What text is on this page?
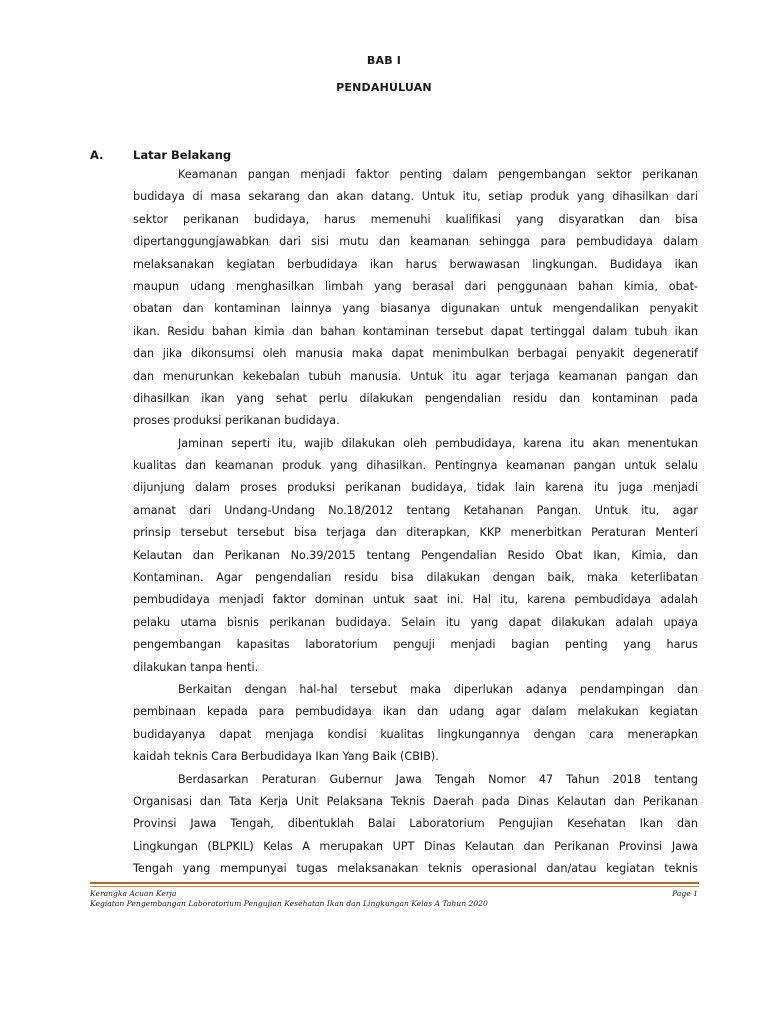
BAB I
PENDAHULUAN
A.	Latar Belakang
Keamanan pangan menjadi faktor penting dalam pengembangan sektor perikanan
budidaya di masa sekarang dan akan datang. Untuk itu, setiap produk yang dihasilkan dari
sektor perikanan budidaya, harus memenuhi kualifikasi yang disyaratkan dan bisa
dipertanggungjawabkan dari sisi mutu dan keamanan sehingga para pembudidaya dalam
melaksanakan kegiatan berbudidaya ikan harus berwawasan lingkungan. Budidaya ikan
maupun udang menghasilkan limbah yang berasal dari penggunaan bahan kimia, obat-
obatan dan kontaminan lainnya yang biasanya digunakan untuk mengendalikan penyakit
ikan. Residu bahan kimia dan bahan kontaminan tersebut dapat tertinggal dalam tubuh ikan
dan jika dikonsumsi oleh manusia maka dapat menimbulkan berbagai penyakit degeneratif
dan menurunkan kekebalan tubuh manusia. Untuk itu agar terjaga keamanan pangan dan
dihasilkan ikan yang sehat perlu dilakukan pengendalian residu dan kontaminan pada
proses produksi perikanan budidaya.
Jaminan seperti itu, wajib dilakukan oleh pembudidaya, karena itu akan menentukan
kualitas dan keamanan produk yang dihasilkan. Pentingnya keamanan pangan untuk selalu
dijunjung dalam proses produksi perikanan budidaya, tidak lain karena itu juga menjadi
amanat dari Undang-Undang No.18/2012 tentang Ketahanan Pangan. Untuk itu, agar
prinsip tersebut tersebut bisa terjaga dan diterapkan, KKP menerbitkan Peraturan Menteri
Kelautan dan Perikanan No.39/2015 tentang Pengendalian Resido Obat Ikan, Kimia, dan
Kontaminan. Agar pengendalian residu bisa dilakukan dengan baik, maka keterlibatan
pembudidaya menjadi faktor dominan untuk saat ini. Hal itu, karena pembudidaya adalah
pelaku utama bisnis perikanan budidaya. Selain itu yang dapat dilakukan adalah upaya
pengembangan kapasitas laboratorium penguji menjadi bagian penting yang harus
dilakukan tanpa henti.
Berkaitan dengan hal-hal tersebut maka diperlukan adanya pendampingan dan
pembinaan kepada para pembudidaya ikan dan udang agar dalam melakukan kegiatan
budidayanya dapat menjaga kondisi kualitas lingkungannya dengan cara menerapkan
kaidah teknis Cara Berbudidaya Ikan Yang Baik (CBIB).
Berdasarkan Peraturan Gubernur Jawa Tengah Nomor 47 Tahun 2018 tentang
Organisasi dan Tata Kerja Unit Pelaksana Teknis Daerah pada Dinas Kelautan dan Perikanan
Provinsi Jawa Tengah, dibentuklah Balai Laboratorium Pengujian Kesehatan Ikan dan
Lingkungan (BLPKIL) Kelas A merupakan UPT Dinas Kelautan dan Perikanan Provinsi Jawa
Tengah yang mempunyai tugas melaksanakan teknis operasional dan/atau kegiatan teknis
Kerangka Acuan Kerja
Kegiatan Pengembangan Laboratorium Pengujian Kesehatan Ikan dan Lingkungan Kelas A Tahun 2020
Page 1
